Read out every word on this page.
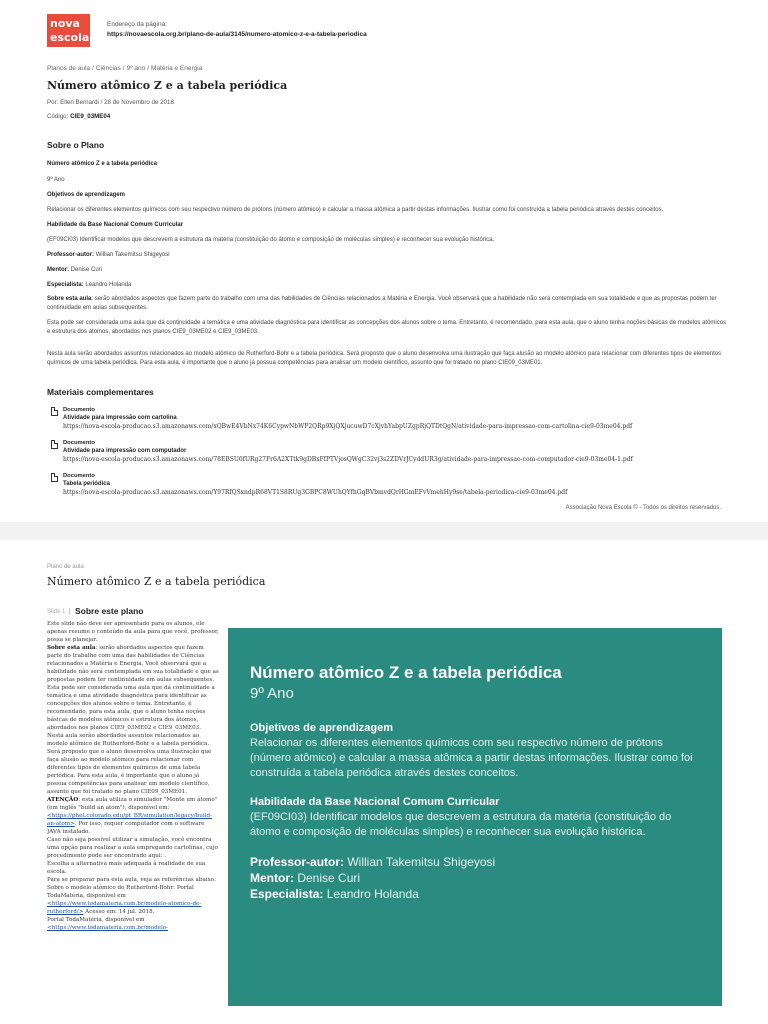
nova
escola
Endereço da página:
https://novaescola.org.br/plano-de-aula/3145/numero-atomico-z-e-a-tabela-periodica
Planos de aula / Ciências / 9º ano / Matéria e Energia
Número atômico Z e a tabela periódica
Por: Ellen Bernardi / 28 de Novembro de 2018
Código: CIE9_03ME04
Sobre o Plano
Número atômico Z e a tabela periódica
9º Ano
Objetivos de aprendizagem
Relacionar os diferentes elementos químicos com seu respectivo número de prótons (número atômico) e calcular a massa atômica a partir destas informações. Ilustrar como foi construída a tabela periódica através destes conceitos.
Habilidade da Base Nacional Comum Curricular
(EF09CI03) Identificar modelos que descrevem a estrutura da matéria (constituição do átomo e composição de moléculas simples) e reconhecer sua evolução histórica.
Professor-autor: Willian Takemitsu Shigeyosi
Mentor: Denise Curi
Especialista: Leandro Holanda
Sobre esta aula: serão abordados aspectos que fazem parte do trabalho com uma das habilidades de Ciências relacionados a Matéria e Energia. Você observará que a habilidade não será contemplada em sua totalidade e que as propostas podem ter continuidade em aulas subsequentes.
Esta pode ser considerada uma aula que dá continuidade a temática e uma atividade diagnóstica para identificar as concepções dos alunos sobre o tema. Entretanto, é recomendado, para esta aula, que o aluno tenha noções básicas de modelos atômicos e estrutura dos átomos, abordados nos planos CIE9_03ME02 e CIE9_03ME03.
Nesta aula serão abordados assuntos relacionados ao modelo atômico de Rutherford-Bohr e a tabela periódica. Será proposto que o aluno desenvolva uma ilustração que faça alusão ao modelo atômico para relacionar com diferentes tipos de elementos químicos de uma tabela periódica. Para esta aula, é importante que o aluno já possua competências para analisar um modelo científico, assunto que foi tratado no plano CIE09_03ME01.
Materiais complementares
Documento
Atividade para impressão com cartolina
https://nova-escola-producao.s3.amazonaws.com/xQBwE4VbNx74K6CypwNbWP2QRp9XjQXjucuwD7cXjvhYabpUZgpRjQTDtQgN/atividade-para-impressao-com-cartolina-cie9-03me04.pdf
Documento
Atividade para impressão com computador
https://nova-escola-producao.s3.amazonaws.com/78EBSU6fURg27Fr6A2XTtk9gDBxFfPTVjosQWgC32vj3s2ZDVrJCyddUR3g/atividade-para-impressao-com-computador-cie9-03me04-1.pdf
Documento
Tabela periódica
https://nova-escola-producao.s3.amazonaws.com/Y97RfQSxndpR68VT1S8RUg3GBPC8WUhQYfhGqBVbmvdQrHGmEFvVmehHy9se/tabela-periodica-cie9-03me04.pdf
Associação Nova Escola © - Todos os direitos reservados.
Plano de aula
Número atômico Z e a tabela periódica
Slide 1	Sobre este plano

Este slide não deve ser apresentado para os alunos, ele apenas resume o conteúdo da aula para que você, professor, possa se planejar.

Sobre esta aula: serão abordados aspectos que fazem parte do trabalho com uma das habilidades de Ciências relacionados a Matéria e Energia. Você observará que a habilidade não será contemplada em sua totalidade e que as propostas podem ter continuidade em aulas subsequentes.

Esta pode ser considerada uma aula que dá continuidade a temática e uma atividade diagnóstica para identificar as concepções dos alunos sobre o tema. Entretanto, é recomendado, para esta aula, que o aluno tenha noções básicas de modelos atômicos e estrutura dos átomos, abordados nos planos CIE9_03ME02 e CIE9_03ME03.

Nesta aula serão abordados assuntos relacionados ao modelo atômico de Rutherford-Bohr e a tabela periódica. Será proposto que o aluno desenvolva uma ilustração que faça alusão ao modelo atômico para relacionar com diferentes tipos de elementos químicos de uma tabela periódica. Para esta aula, é importante que o aluno já possua competências para analisar um modelo científico, assunto que foi tratado no plano CIE09_03ME01.

ATENÇÃO: esta aula utiliza o simulador "Monte um átomo" (em inglês "build an atom"), disponível em: <https://phet.colorado.edu/pt_BR/simulation/legacy/build-an-atom>. Por isso, requer computador com o software JAVA instalado.

Caso não seja possível utilizar a simulação, você encontra uma opção para realizar a aula empregando cartolinas, cujo procedimento pode ser encontrado aqui: .

Escolha a alternativa mais adequada à realidade de sua escola.

Para se preparar para esta aula, veja as referências abaixo:

Sobre o modelo atômico de Rutherford-Bohr: Portal TodaMatéria, disponível em <https://www.todamateria.com.br/modelo-atomico-de-rutherford/> Acesso em: 14 jul. 2018.

Portal TodaMatéria, disponível em <https://www.todamateria.com.br/modelo-

Número atômico Z e a tabela periódica
9º Ano
Objetivos de aprendizagem
Relacionar os diferentes elementos químicos com seu respectivo número de prótons (número atômico) e calcular a massa atômica a partir destas informações. Ilustrar como foi construída a tabela periódica através destes conceitos.
Habilidade da Base Nacional Comum Curricular
(EF09CI03) Identificar modelos que descrevem a estrutura da matéria (constituição do átomo e composição de moléculas simples) e reconhecer sua evolução histórica.
Professor-autor: Willian Takemitsu Shigeyosi
Mentor: Denise Curi
Especialista: Leandro Holanda
